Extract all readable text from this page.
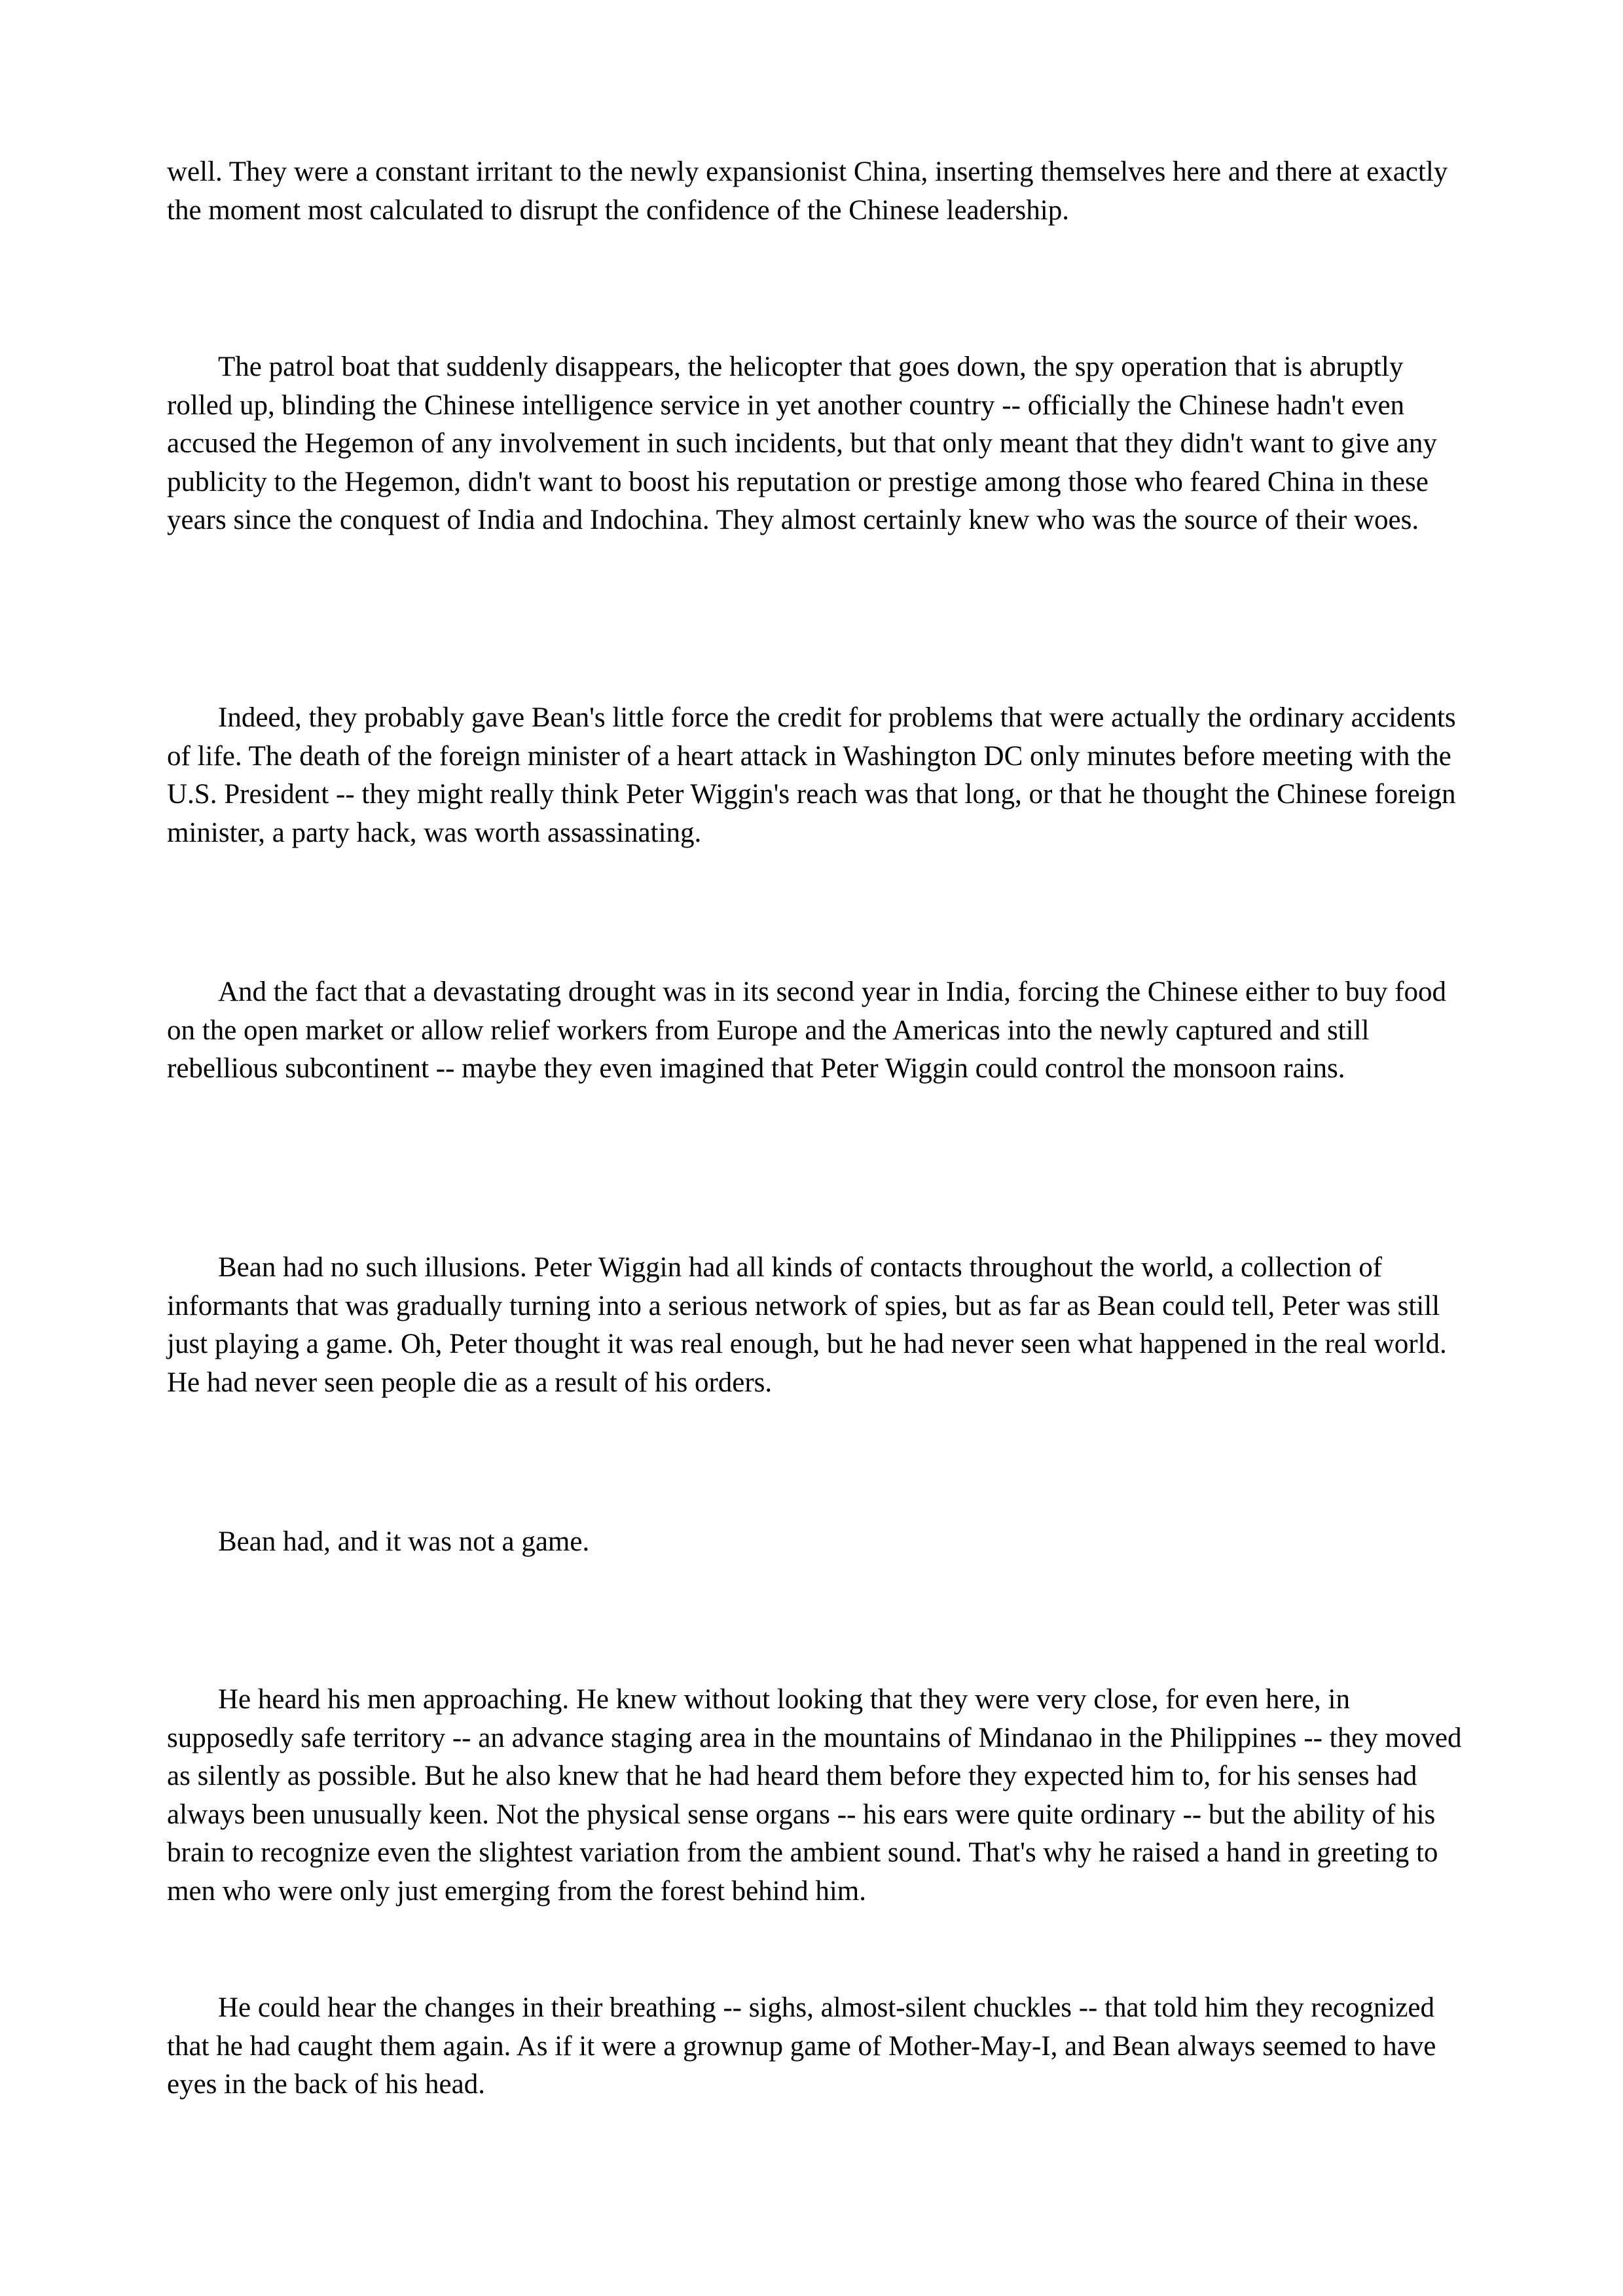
well. They were a constant irritant to the newly expansionist China, inserting themselves here and there at exactly the moment most calculated to disrupt the confidence of the Chinese leadership.

The patrol boat that suddenly disappears, the helicopter that goes down, the spy operation that is abruptly rolled up, blinding the Chinese intelligence service in yet another country -- officially the Chinese hadn't even accused the Hegemon of any involvement in such incidents, but that only meant that they didn't want to give any publicity to the Hegemon, didn't want to boost his reputation or prestige among those who feared China in these years since the conquest of India and Indochina. They almost certainly knew who was the source of their woes.

Indeed, they probably gave Bean's little force the credit for problems that were actually the ordinary accidents of life. The death of the foreign minister of a heart attack in Washington DC only minutes before meeting with the U.S. President -- they might really think Peter Wiggin's reach was that long, or that he thought the Chinese foreign minister, a party hack, was worth assassinating.

And the fact that a devastating drought was in its second year in India, forcing the Chinese either to buy food on the open market or allow relief workers from Europe and the Americas into the newly captured and still rebellious subcontinent -- maybe they even imagined that Peter Wiggin could control the monsoon rains.

Bean had no such illusions. Peter Wiggin had all kinds of contacts throughout the world, a collection of informants that was gradually turning into a serious network of spies, but as far as Bean could tell, Peter was still just playing a game. Oh, Peter thought it was real enough, but he had never seen what happened in the real world. He had never seen people die as a result of his orders.

Bean had, and it was not a game.

He heard his men approaching. He knew without looking that they were very close, for even here, in supposedly safe territory -- an advance staging area in the mountains of Mindanao in the Philippines -- they moved as silently as possible. But he also knew that he had heard them before they expected him to, for his senses had always been unusually keen. Not the physical sense organs -- his ears were quite ordinary -- but the ability of his brain to recognize even the slightest variation from the ambient sound. That's why he raised a hand in greeting to men who were only just emerging from the forest behind him.

He could hear the changes in their breathing -- sighs, almost-silent chuckles -- that told him they recognized that he had caught them again. As if it were a grownup game of Mother-May-I, and Bean always seemed to have eyes in the back of his head.
